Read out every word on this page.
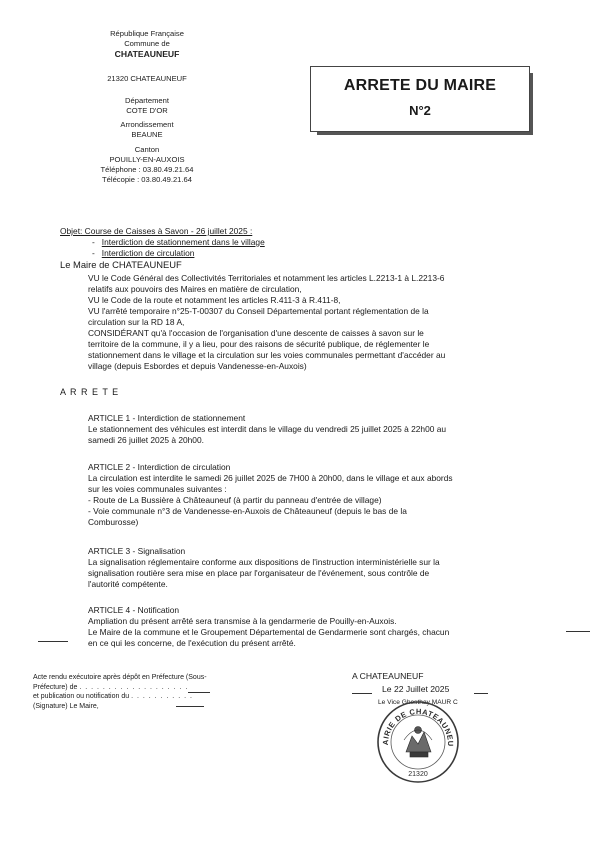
République Française
Commune de
CHATEAUNEUF
21320 CHATEAUNEUF
Département
COTE D'OR
Arrondissement
BEAUNE
Canton
POUILLY-EN-AUXOIS
Téléphone : 03.80.49.21.64
Télécopie : 03.80.49.21.64
ARRETE DU MAIRE
N°2
Objet: Course de Caisses à Savon - 26 juillet 2025 :
-   Interdiction de stationnement dans le village
-   Interdiction de circulation
Le Maire de CHATEAUNEUF
VU le Code Général des Collectivités Territoriales et notamment les articles L.2213-1 à L.2213-6
relatifs aux pouvoirs des Maires en matière de circulation,
VU le Code de la route et notamment les articles R.411-3 à R.411-8,
VU l'arrêté temporaire n°25-T-00307 du Conseil Départemental portant réglementation de la
circulation sur la RD 18 A,
CONSIDÉRANT qu'à l'occasion de l'organisation d'une descente de caisses à savon sur le
territoire de la commune, il y a lieu, pour des raisons de sécurité publique, de réglementer le
stationnement dans le village et la circulation sur les voies communales permettant d'accéder au
village (depuis Esbordes et depuis Vandenesse-en-Auxois)
A R R E T E
ARTICLE 1 - Interdiction de stationnement
Le stationnement des véhicules est interdit dans le village du vendredi 25 juillet 2025 à 22h00 au
samedi 26 juillet 2025 à 20h00.
ARTICLE 2 - Interdiction de circulation
La circulation est interdite le samedi 26 juillet 2025 de 7H00 à 20h00, dans le village et aux abords
sur les voies communales suivantes :
- Route de La Bussière à Châteauneuf (à partir du panneau d'entrée de village)
- Voie communale n°3 de Vandenesse-en-Auxois de Châteauneuf (depuis le bas de la
Comburosse)
ARTICLE 3 - Signalisation
La signalisation réglementaire conforme aux dispositions de l'instruction interministérielle sur la
signalisation routière sera mise en place par l'organisateur de l'événement, sous contrôle de
l'autorité compétente.
ARTICLE 4 - Notification
Ampliation du présent arrêté sera transmise à la gendarmerie de Pouilly-en-Auxois.
Le Maire de la commune et le Groupement Départemental de Gendarmerie sont chargés, chacun
en ce qui les concerne, de l'exécution du présent arrêté.
Acte rendu exécutoire après dépôt en Préfecture (Sous-
Préfecture) de . . . . . . . . . . . . . . . . . . .
et publication ou notification du . . . . . . . . . . .
(Signature) Le Maire,
A CHATEAUNEUF
Le 22 Juillet 2025
Le Vice Ghesthay MAUR C
AIRIE DE CHATEAUNEU
21320
